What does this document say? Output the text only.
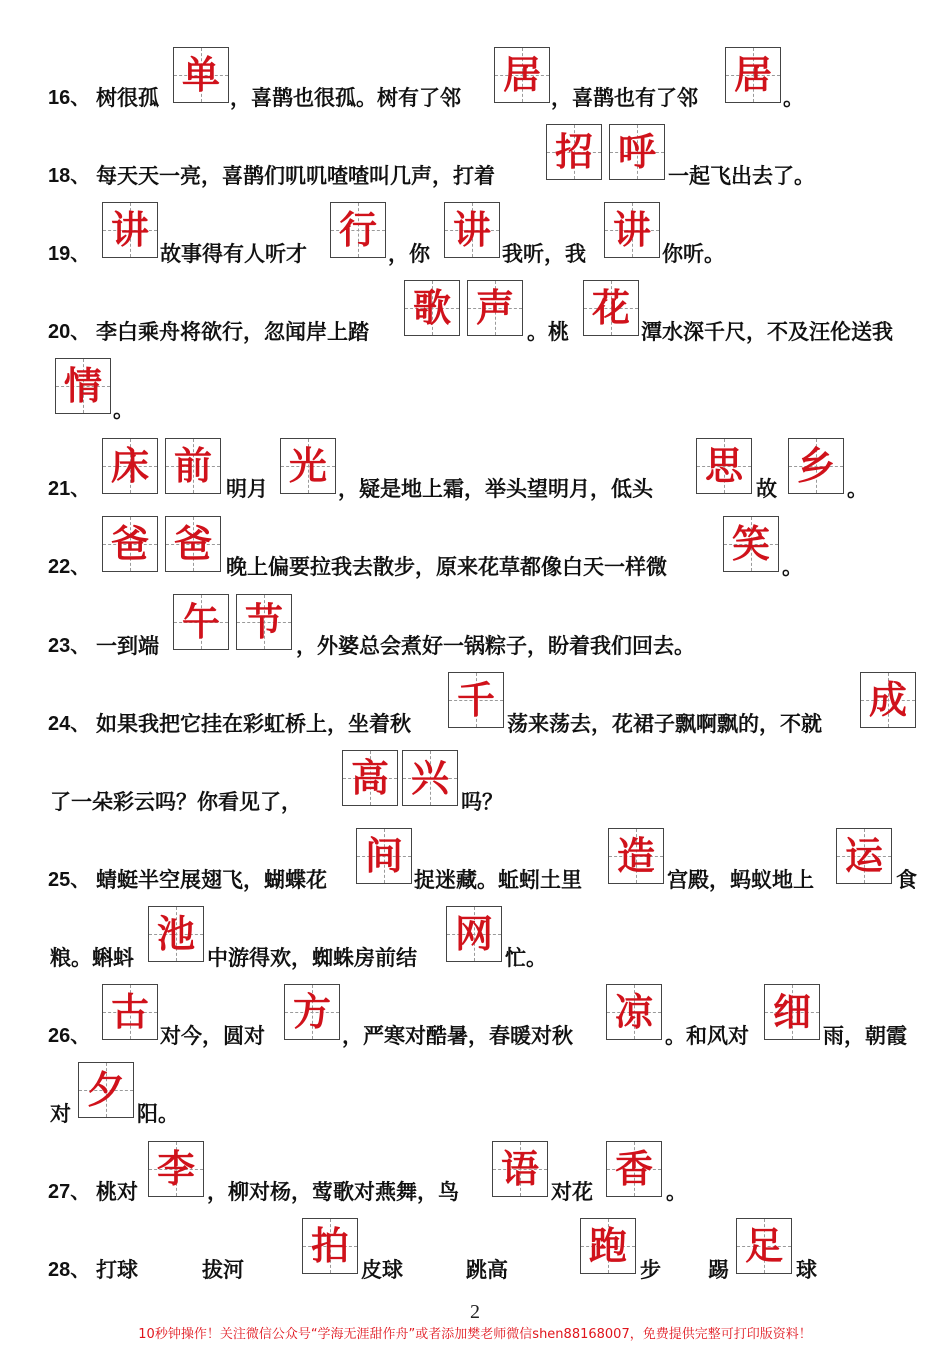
16、 树很孤
单
，喜鹊也很孤。树有了邻
居
，喜鹊也有了邻
居
。
18、 每天天一亮，喜鹊们叽叽喳喳叫几声，打着
招 呼
一起飞出去了。
19、
讲
故事得有人听才
行
，你
讲
我听，我
讲
你听。
20、 李白乘舟将欲行，忽闻岸上踏
歌 声
。桃
花
潭水深千尺，不及汪伦送我
情
。
21、
床 前
明月
光
，疑是地上霜，举头望明月，低头
思
故
乡
。
22、
爸 爸
晚上偏要拉我去散步，原来花草都像白天一样微
笑
。
23、 一到端
午 节
，外婆总会煮好一锅粽子，盼着我们回去。
24、 如果我把它挂在彩虹桥上，坐着秋
千
荡来荡去，花裙子飘啊飘的，不就
成
了一朵彩云吗？你看见了，
高 兴
吗？
25、 蜻蜓半空展翅飞，蝴蝶花
间
捉迷藏。蚯蚓土里
造
宫殿，蚂蚁地上
运
食
粮。蝌蚪
池
中游得欢，蜘蛛房前结
网
忙。
26、
古
对今，圆对
方
，严寒对酷暑，春暖对秋
凉
。和风对
细
雨，朝霞
对
夕
阳。
27、 桃对
李
，柳对杨，莺歌对燕舞，鸟
语
对花
香
。
28、 打球	拔河
拍
皮球	跳高
跑
步 踢
足
球
2
10秒钟操作！关注微信公众号“学海无涯甜作舟”或者添加樊老师微信shen88168007，免费提供完整可打印版资料！
